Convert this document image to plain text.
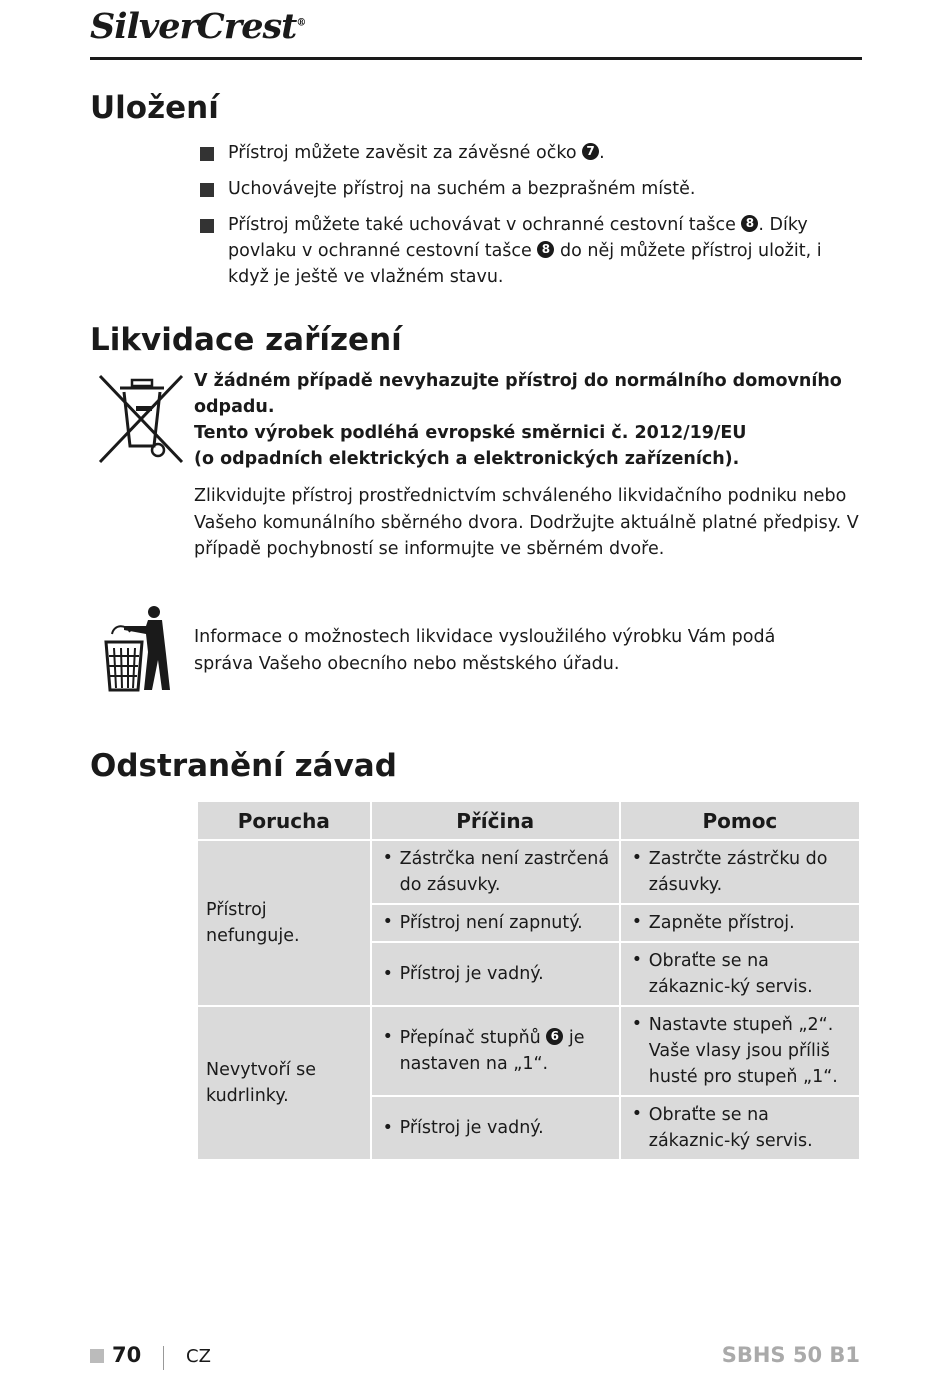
SilverCrest®
Uložení
Přístroj můžete zavěsit za závěsné očko 7 .
Uchovávejte přístroj na suchém a bezprašném místě.
Přístroj můžete také uchovávat v ochranné cestovní tašce 8 . Díky povlaku v ochranné cestovní tašce 8 do něj můžete přístroj uložit, i když je ještě ve vlažném stavu.
Likvidace zařízení
V žádném případě nevyhazujte přístroj do normálního domovního odpadu.
Tento výrobek podléhá evropské směrnici č. 2012/19/EU
(o odpadních elektrických a elektronických zařízeních).
Zlikvidujte přístroj prostřednictvím schváleného likvidačního podniku nebo Vašeho komunálního sběrného dvora. Dodržujte aktuálně platné předpisy. V případě pochybností se informujte ve sběrném dvoře.
Informace o možnostech likvidace vysloužilého výrobku Vám podá správa Vašeho obecního nebo městského úřadu.
Odstranění závad
Porucha	Příčina	Pomoc
Přístroj nefunguje.	• Zástrčka není zastrčená do zásuvky.	• Zastrčte zástrčku do zásuvky.

	• Přístroj není zapnutý.	• Zapněte přístroj.

	• Přístroj je vadný.	• Obraťte se na zákaznic-ký servis.
Nevytvoří se kudrlinky.	• Přepínač stupňů 6 je nastaven na „1“.	• Nastavte stupeň „2“. Vaše vlasy jsou příliš husté pro stupeň „1“.

	• Přístroj je vadný.	• Obraťte se na zákaznic-ký servis.
70 CZ	SBHS 50 B1
